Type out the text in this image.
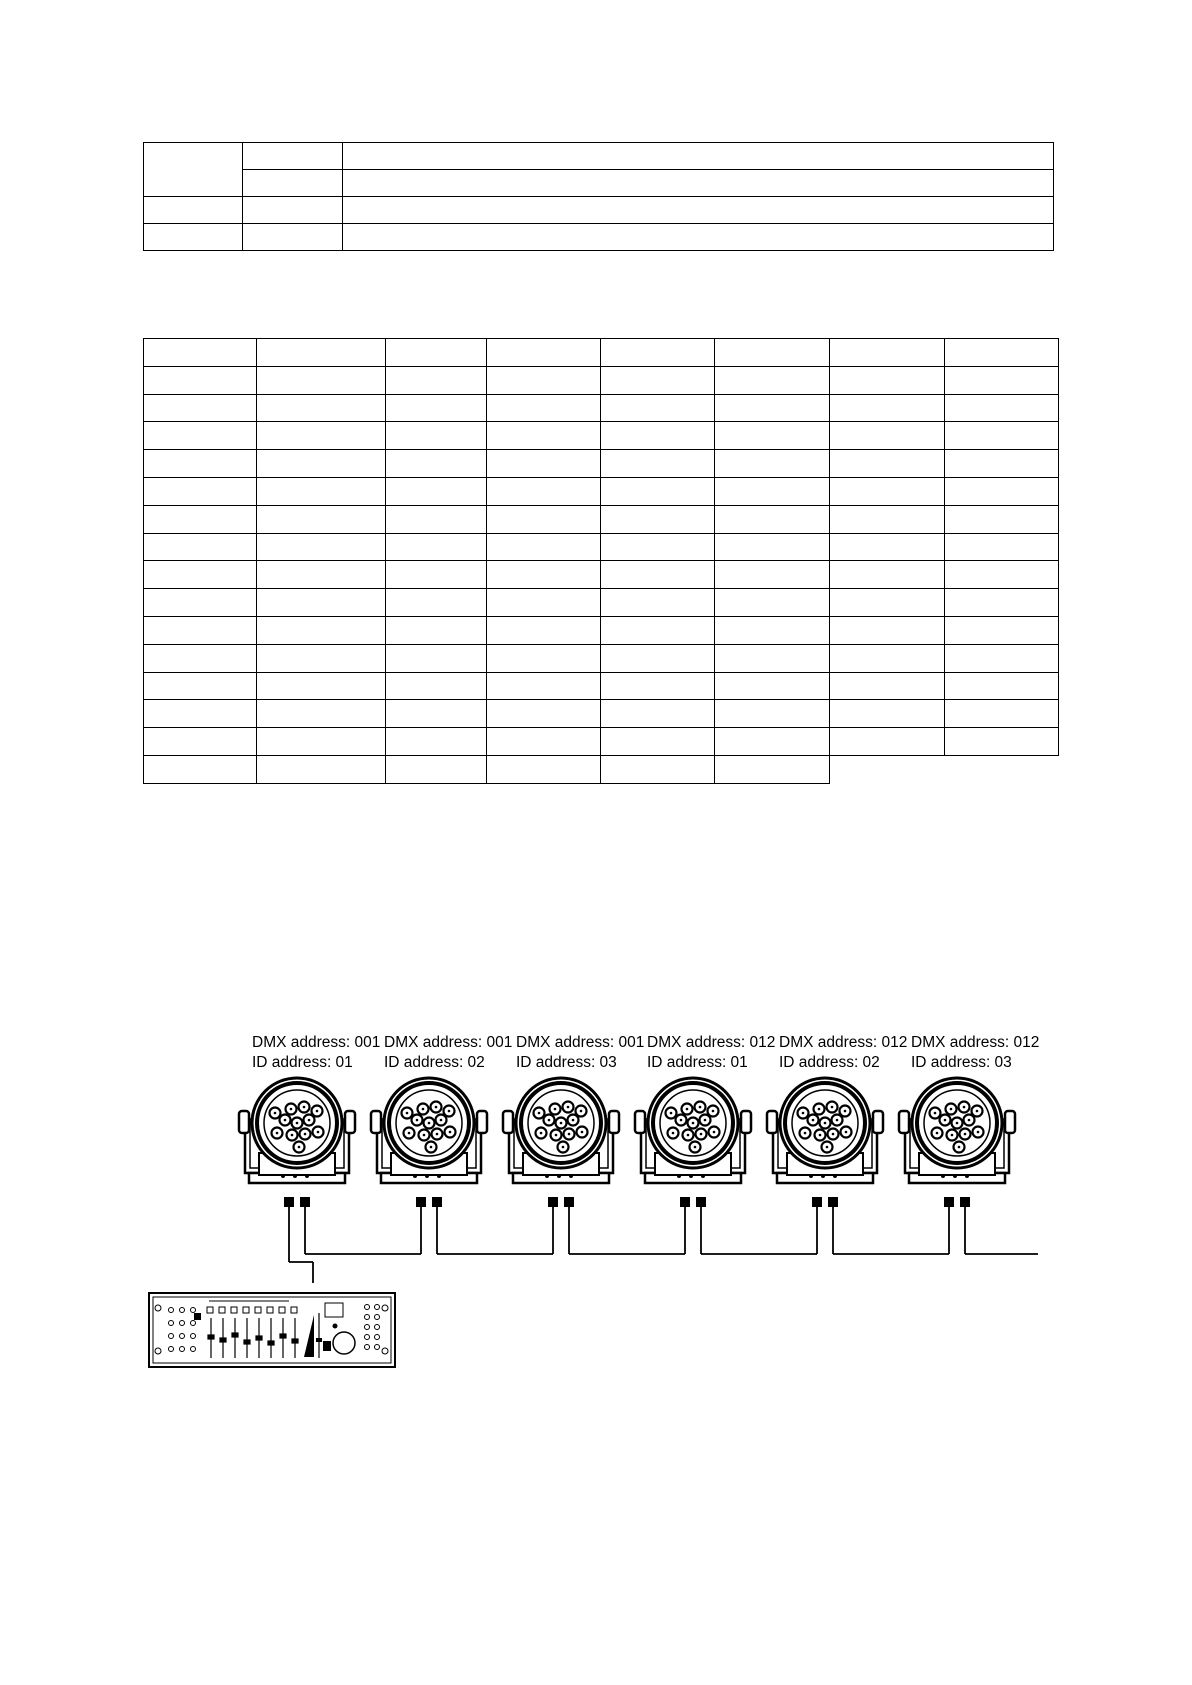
DMX address: 001
ID address: 01
DMX address: 001
ID address: 02
DMX address: 001
ID address: 03
DMX address: 012
ID address: 01
DMX address: 012
ID address: 02
DMX address: 012
ID address: 03
